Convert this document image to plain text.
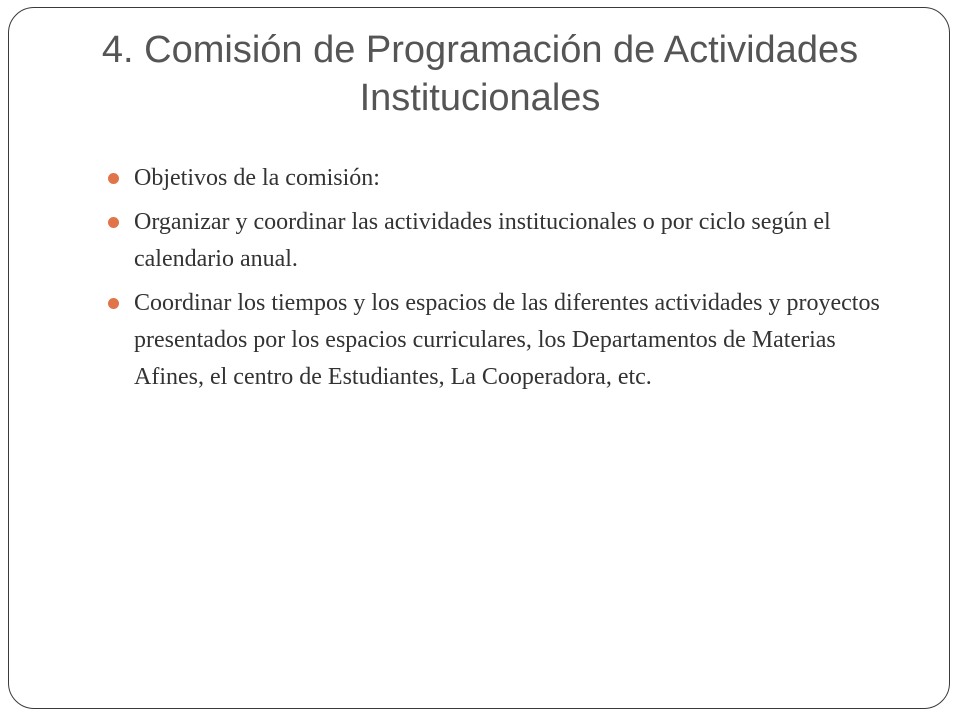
4. Comisión de Programación de Actividades Institucionales
Objetivos de la comisión:
Organizar y coordinar las actividades institucionales o por ciclo según el calendario anual.
Coordinar los tiempos y los espacios de las diferentes actividades y proyectos presentados por los espacios curriculares, los Departamentos de Materias Afines, el centro de Estudiantes, La Cooperadora, etc.
